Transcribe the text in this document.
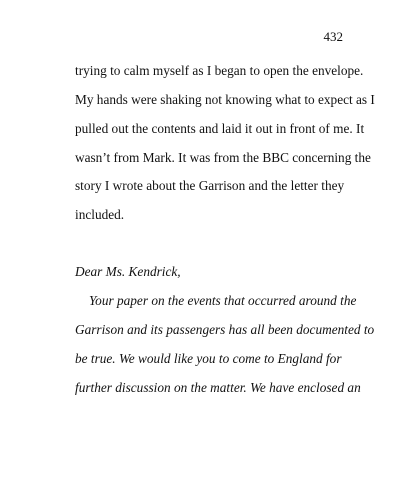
432
trying to calm myself as I began to open the envelope.
My hands were shaking not knowing what to expect as I
pulled out the contents and laid it out in front of me. It
wasn’t from Mark. It was from the BBC concerning the
story I wrote about the Garrison and the letter they
included.
Dear Ms. Kendrick,
Your paper on the events that occurred around the
Garrison and its passengers has all been documented to
be true. We would like you to come to England for
further discussion on the matter. We have enclosed an
